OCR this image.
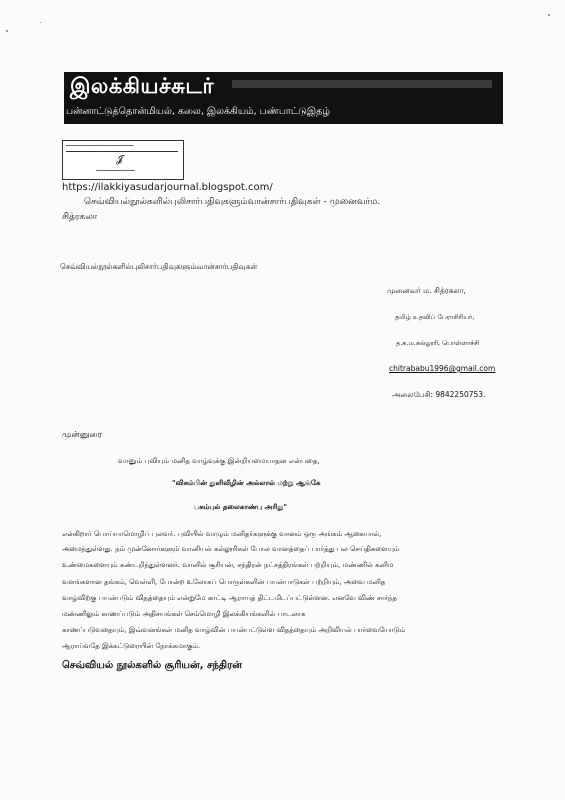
இலக்கியச்சுடர்
பன்னாட்டுத்தொன்மியல், கலை, இலக்கியம், பண்பாட்டுஇதழ்
━━━━━━━━━━━━━━━━━━━━━━━━━━━━
𝓙
━━━━━━━━━━━━━━━━
https://ilakkiyasudarjournal.blogspot.com/
செவ்வியல்நூல்களில்புலிசார்பதிவுகளும்வான்சார்பதிவுகள் - முனைவர்ம.
சித்ரகலா
செவ்வியல்நூல்களில்புலிசார்பதிவுகளும்வான்சார்பதிவுகள்
முனைவர் ம. சித்ரகலா,
தமிழ் உதவிப் பேராசிரியர்,
த.க.ம.கல்லூரி, பொள்ளாச்சி
chitrababu1996@gmail.com
அலைபேசி: 9842250753.
முன்னுரை
வானும் புவியும் மனித வாழ்வுக்கு இன்றியமையாதன என்பதை,
"விசும்பின் துளிவீழின் அல்லால் மற்று ஆங்கே
பசும்புல் தலைகாண்பு அரிது"
என்கிறார் பொய்யாமொழிப் புலவர். புவியில் வாழும் மனிதர்களுக்கு வானம் ஒரு அங்கம் ஆகையால்,
அமைந்துள்ளது. நம் முன்னோர்களும் வானியல் கல்லூரிகள் போல வானத்தைப் பார்த்து பல செய்திகளையும்
உண்மைகளையும் கண்டறிந்துள்ளனர். வானில் சூரியன், சந்திரன் நட்சத்திரங்கள் பற்றியும், மண்ணில் கனிம
வளங்களான தங்கம், வெள்ளி, போன்ற உலோகப் பொருள்களின் பயன்பாடுகள் பற்றியும், அவை மனித
வாழ்விற்கு பயன்படும் விதத்தையும் என்றுமே காட்டி ஆராயத் திட்டமிடப்பட்டுள்ளன. எனவே விண் சார்ந்த
மண்ணிலும் காணப்படும் அதிசயங்கள் செம்மொழி இலக்கியங்களில் பாடலாக
காணப்படுவதையும், இவ்வனங்கள் மனித வாழ்வின் பயன்பட்டுள்ள விதத்தையும் அறிவியல் பார்வையோடும்
ஆராய்வதே இக்கட்டுரையின் நோக்கமாகும்.
செவ்வியல் நூல்களில் சூரியன், சந்திரன்
